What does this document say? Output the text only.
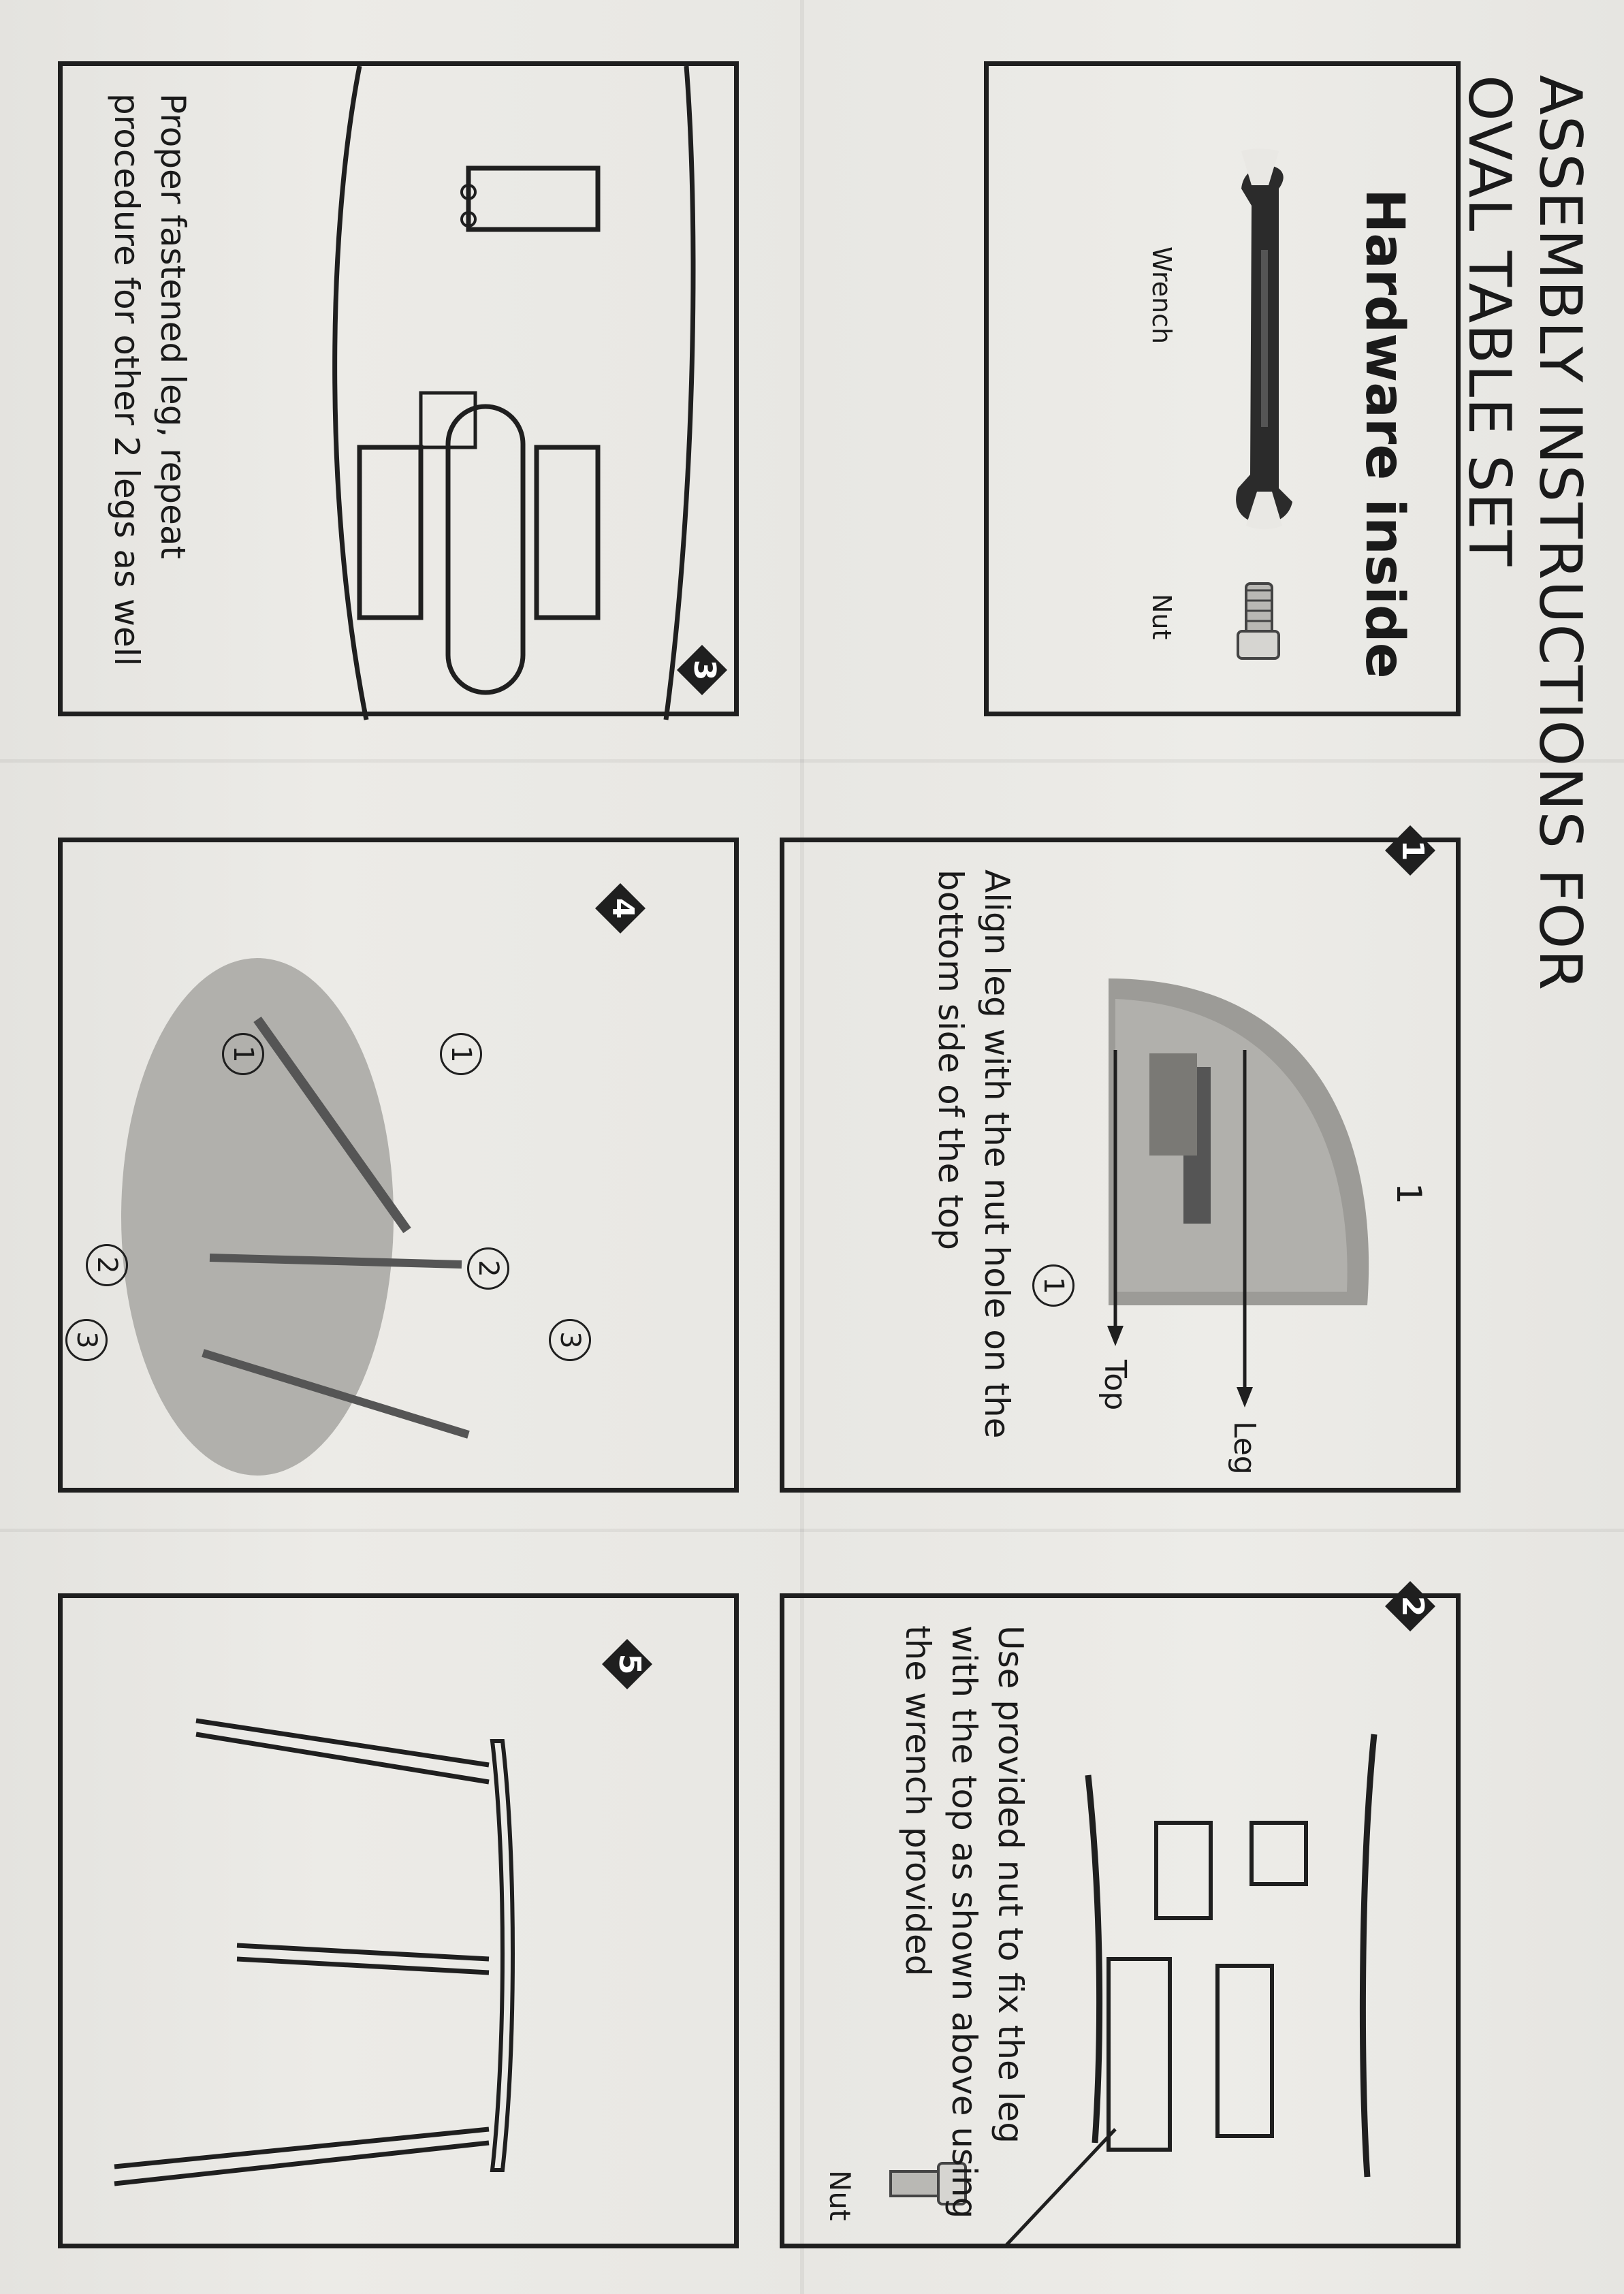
ASSEMBLY INSTRUCTIONS FOR
OVAL TABLE SET
Hardware inside
Wrench
Nut
3

Proper fastened leg, repeat
procedure for other 2 legs as well

1
1
Leg
Top
1

Align leg with the nut hole on the
bottom side of the top

4
1
2
3
1
2
3
2
Nut

Use provided nut to fix the leg
with the top as shown above using
the wrench provided

5
